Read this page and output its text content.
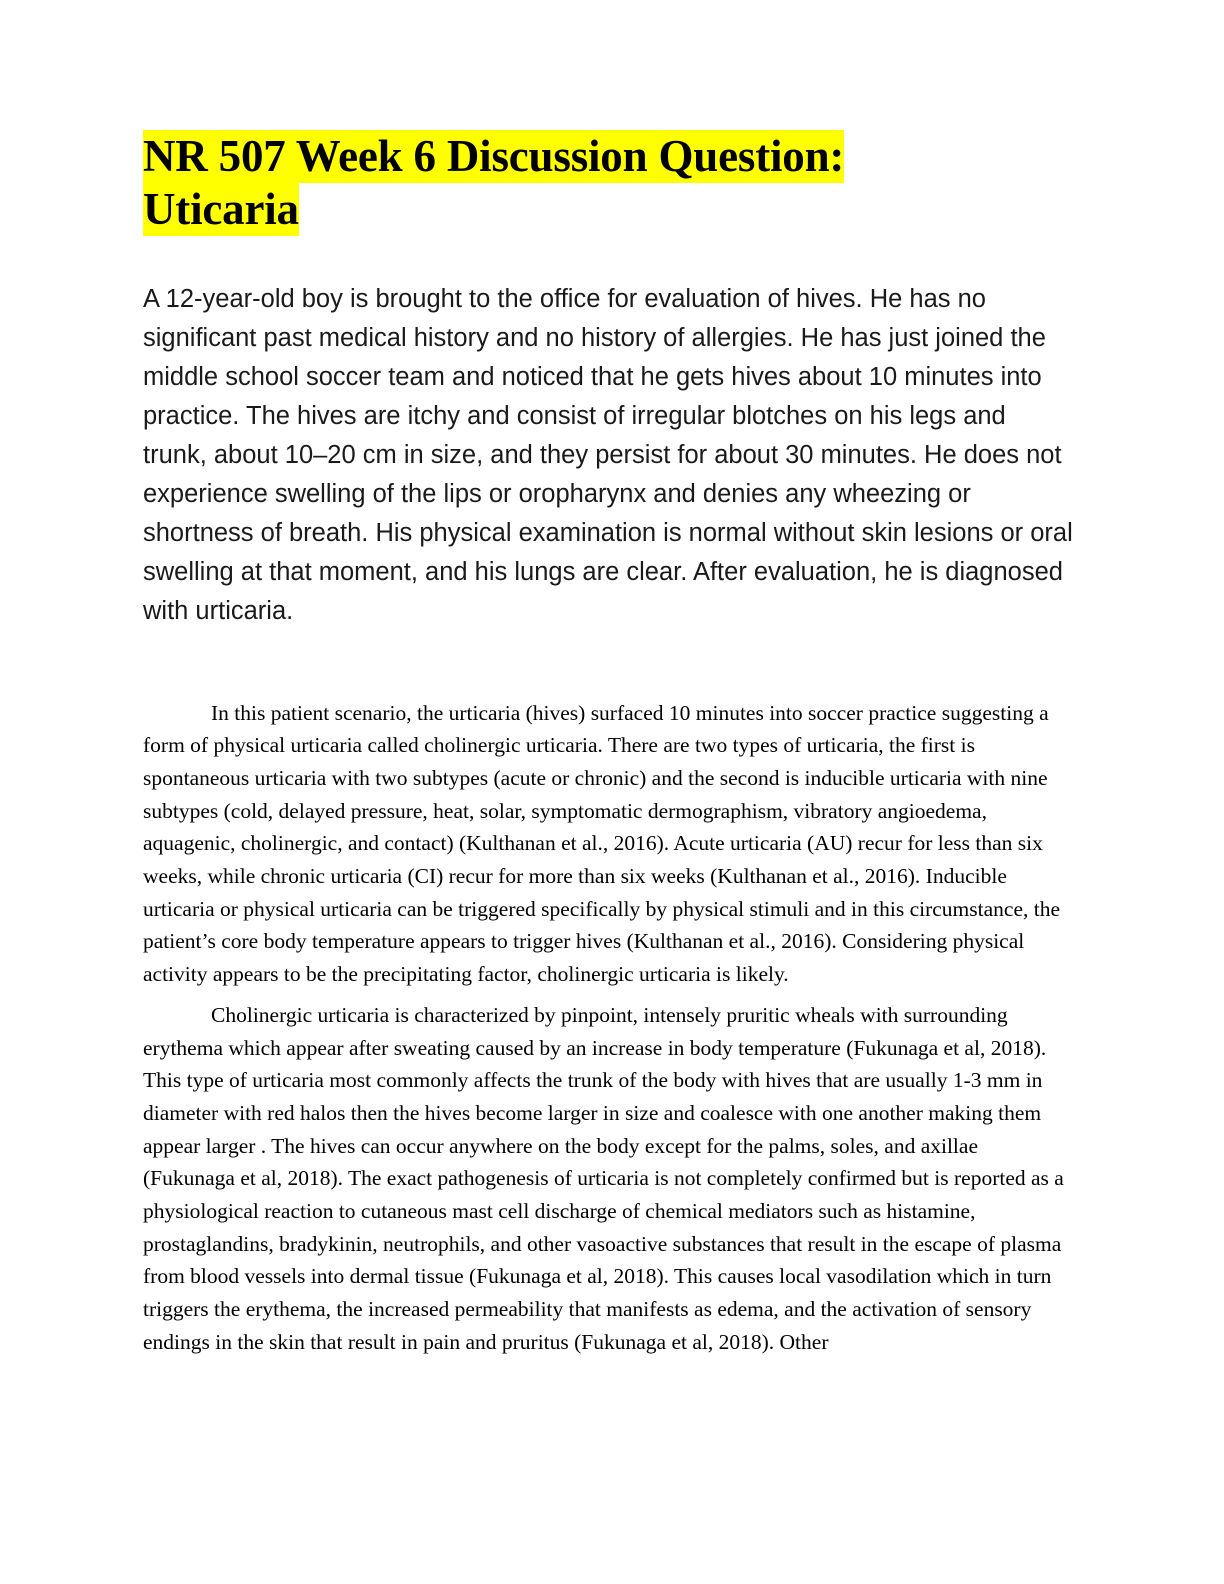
NR 507 Week 6 Discussion Question:
Uticaria

A 12-year-old boy is brought to the office for evaluation of hives. He has no significant past medical history and no history of allergies. He has just joined the middle school soccer team and noticed that he gets hives about 10 minutes into practice. The hives are itchy and consist of irregular blotches on his legs and trunk, about 10–20 cm in size, and they persist for about 30 minutes. He does not experience swelling of the lips or oropharynx and denies any wheezing or shortness of breath. His physical examination is normal without skin lesions or oral swelling at that moment, and his lungs are clear. After evaluation, he is diagnosed with urticaria.

In this patient scenario, the urticaria (hives) surfaced 10 minutes into soccer practice suggesting a form of physical urticaria called cholinergic urticaria. There are two types of urticaria, the first is spontaneous urticaria with two subtypes (acute or chronic) and the second is inducible urticaria with nine subtypes (cold, delayed pressure, heat, solar, symptomatic dermographism, vibratory angioedema, aquagenic, cholinergic, and contact) (Kulthanan et al., 2016). Acute urticaria (AU) recur for less than six weeks, while chronic urticaria (CI) recur for more than six weeks (Kulthanan et al., 2016). Inducible urticaria or physical urticaria can be triggered specifically by physical stimuli and in this circumstance, the patient’s core body temperature appears to trigger hives (Kulthanan et al., 2016). Considering physical activity appears to be the precipitating factor, cholinergic urticaria is likely.

Cholinergic urticaria is characterized by pinpoint, intensely pruritic wheals with surrounding erythema which appear after sweating caused by an increase in body temperature (Fukunaga et al, 2018). This type of urticaria most commonly affects the trunk of the body with hives that are usually 1-3 mm in diameter with red halos then the hives become larger in size and coalesce with one another making them appear larger . The hives can occur anywhere on the body except for the palms, soles, and axillae (Fukunaga et al, 2018). The exact pathogenesis of urticaria is not completely confirmed but is reported as a physiological reaction to cutaneous mast cell discharge of chemical mediators such as histamine, prostaglandins, bradykinin, neutrophils, and other vasoactive substances that result in the escape of plasma from blood vessels into dermal tissue (Fukunaga et al, 2018). This causes local vasodilation which in turn triggers the erythema, the increased permeability that manifests as edema, and the activation of sensory endings in the skin that result in pain and pruritus (Fukunaga et al, 2018). Other
